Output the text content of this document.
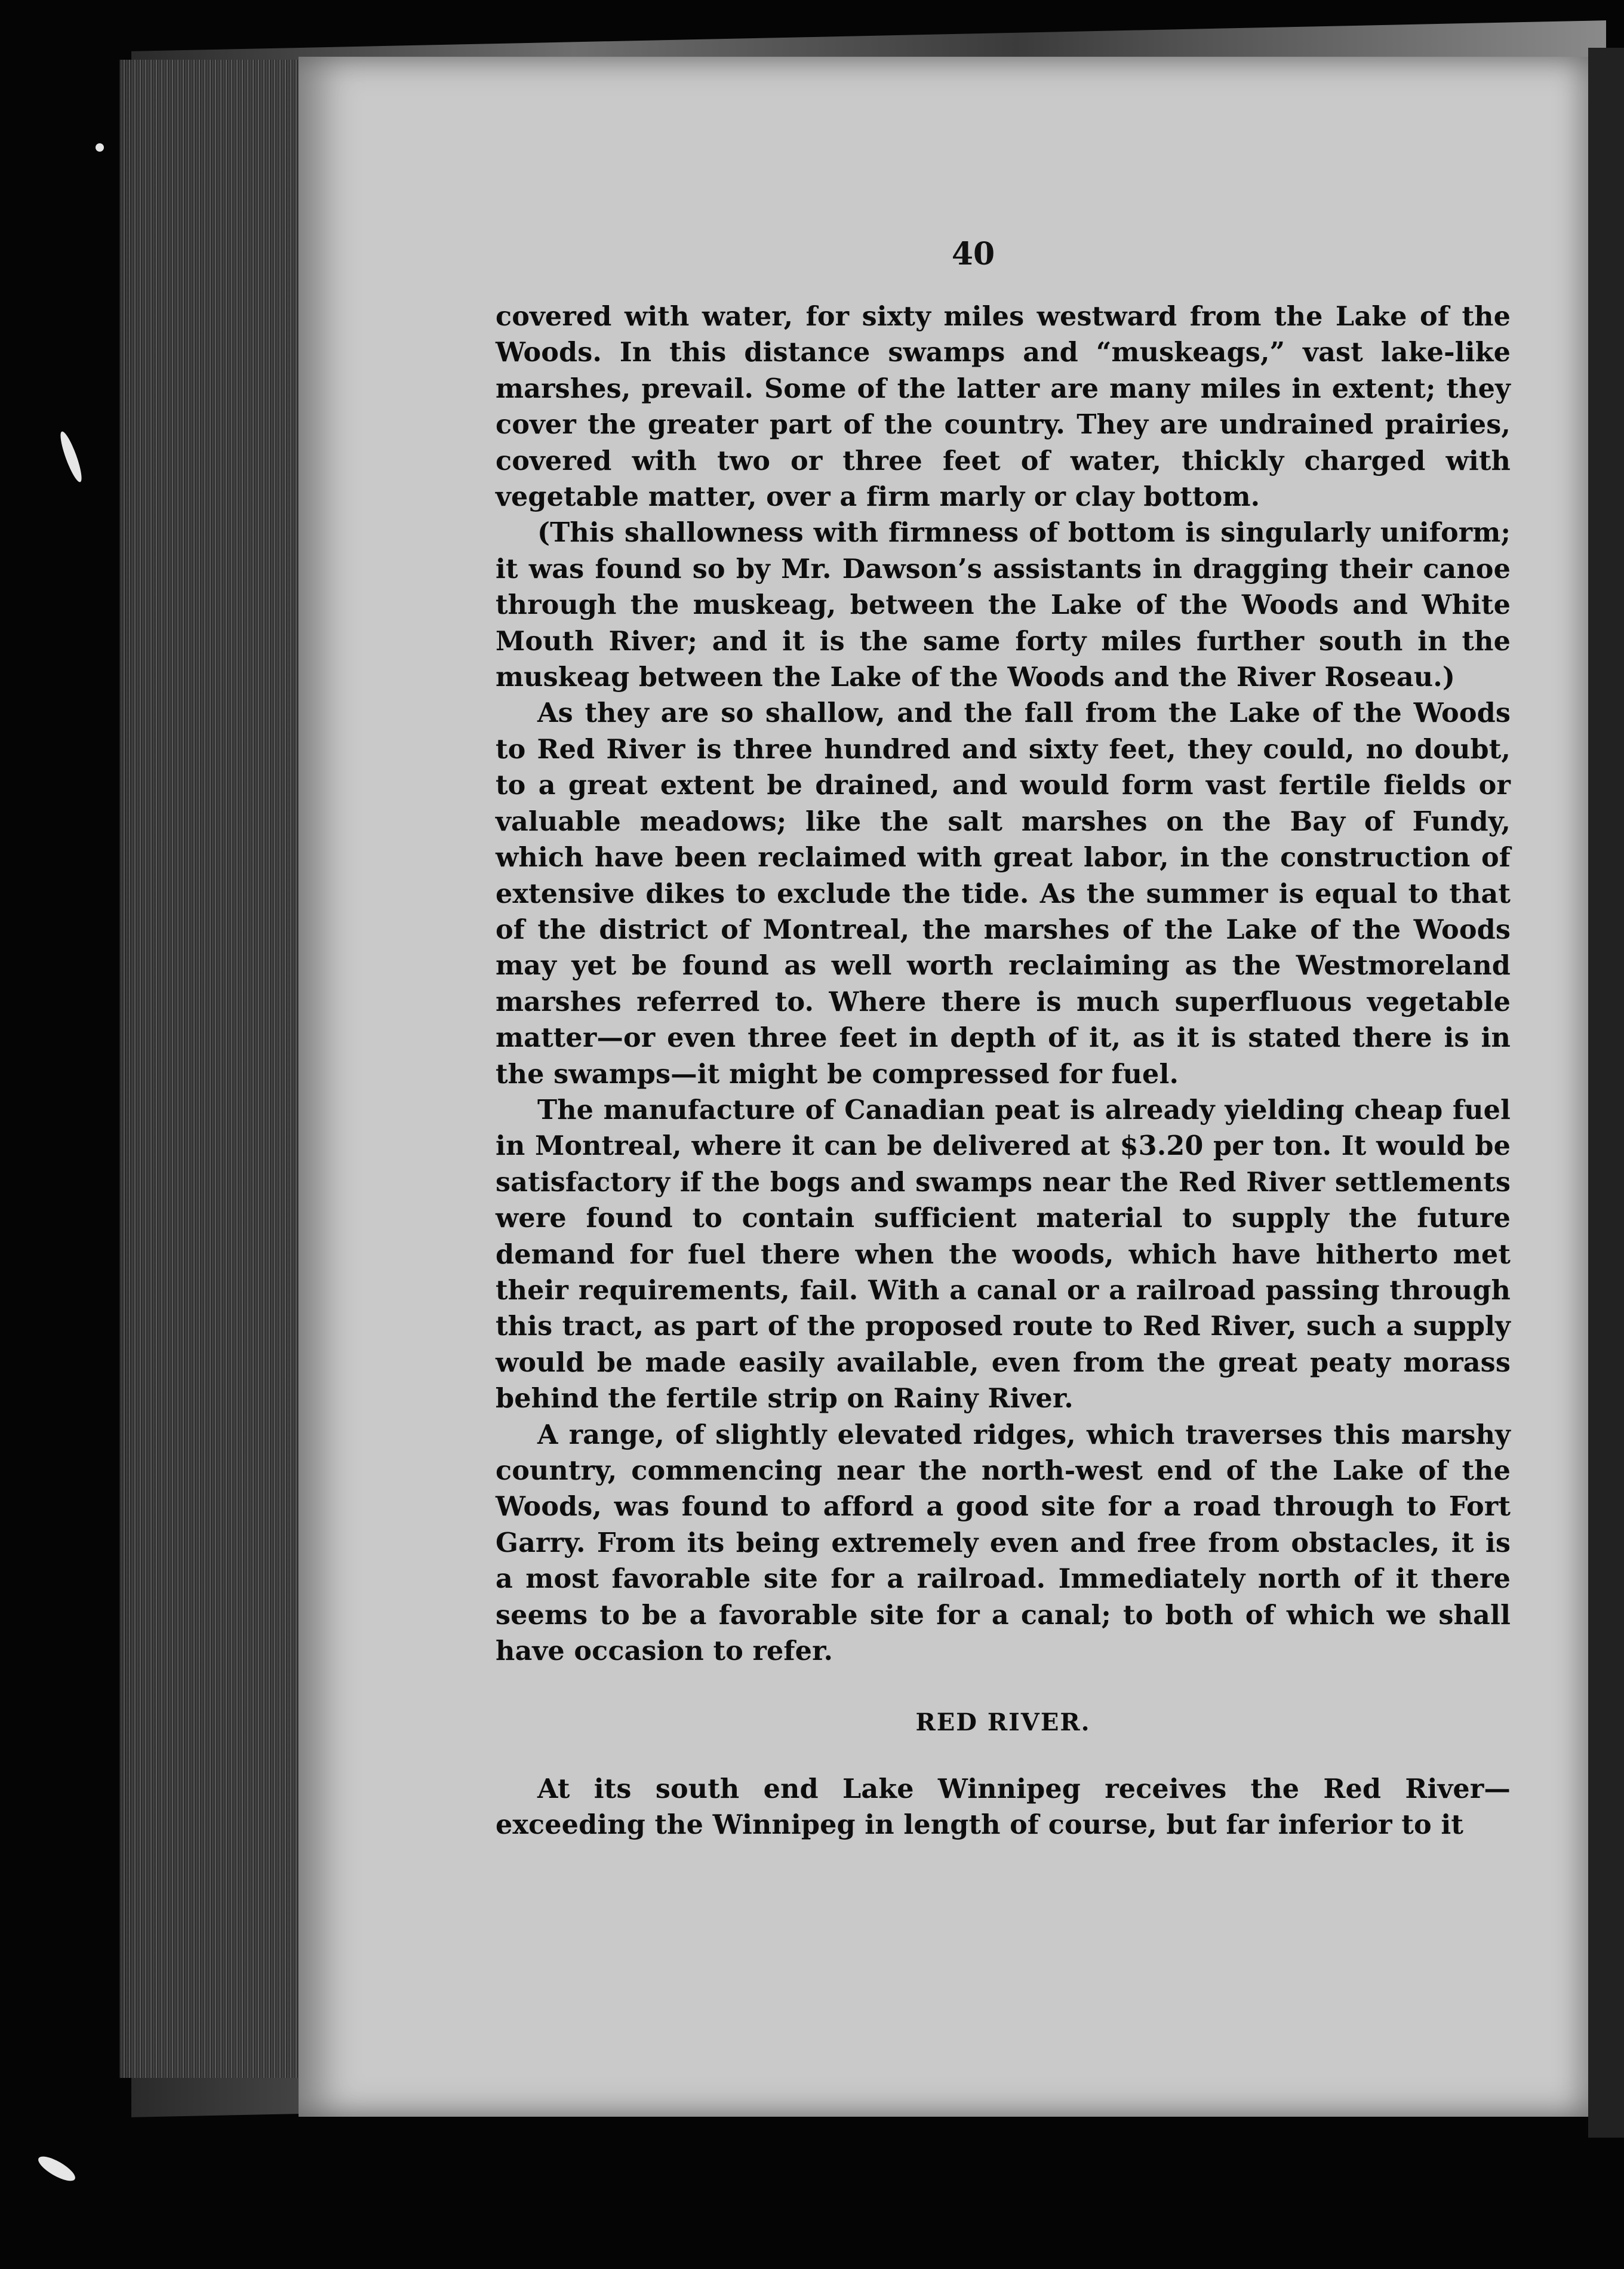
40

covered with water, for sixty miles westward from the Lake of the Woods. In this distance swamps and “muskeags,” vast lake-like marshes, prevail. Some of the latter are many miles in extent; they cover the greater part of the country. They are undrained prairies, covered with two or three feet of water, thickly charged with vegetable matter, over a firm marly or clay bottom.

(This shallowness with firmness of bottom is singularly uniform; it was found so by Mr. Dawson’s assistants in dragging their canoe through the muskeag, between the Lake of the Woods and White Mouth River; and it is the same forty miles further south in the muskeag between the Lake of the Woods and the River Roseau.)

As they are so shallow, and the fall from the Lake of the Woods to Red River is three hundred and sixty feet, they could, no doubt, to a great extent be drained, and would form vast fertile fields or valuable meadows; like the salt marshes on the Bay of Fundy, which have been reclaimed with great labor, in the construction of extensive dikes to exclude the tide. As the summer is equal to that of the district of Montreal, the marshes of the Lake of the Woods may yet be found as well worth reclaiming as the Westmoreland marshes referred to. Where there is much superfluous vegetable matter—or even three feet in depth of it, as it is stated there is in the swamps—it might be compressed for fuel.

The manufacture of Canadian peat is already yielding cheap fuel in Montreal, where it can be delivered at $3.20 per ton. It would be satisfactory if the bogs and swamps near the Red River settlements were found to contain sufficient material to supply the future demand for fuel there when the woods, which have hitherto met their requirements, fail. With a canal or a railroad passing through this tract, as part of the proposed route to Red River, such a supply would be made easily available, even from the great peaty morass behind the fertile strip on Rainy River.

A range, of slightly elevated ridges, which traverses this marshy country, commencing near the north-west end of the Lake of the Woods, was found to afford a good site for a road through to Fort Garry. From its being extremely even and free from obstacles, it is a most favorable site for a railroad. Immediately north of it there seems to be a favorable site for a canal; to both of which we shall have occasion to refer.

RED RIVER.

At its south end Lake Winnipeg receives the Red River—exceeding the Winnipeg in length of course, but far inferior to it
